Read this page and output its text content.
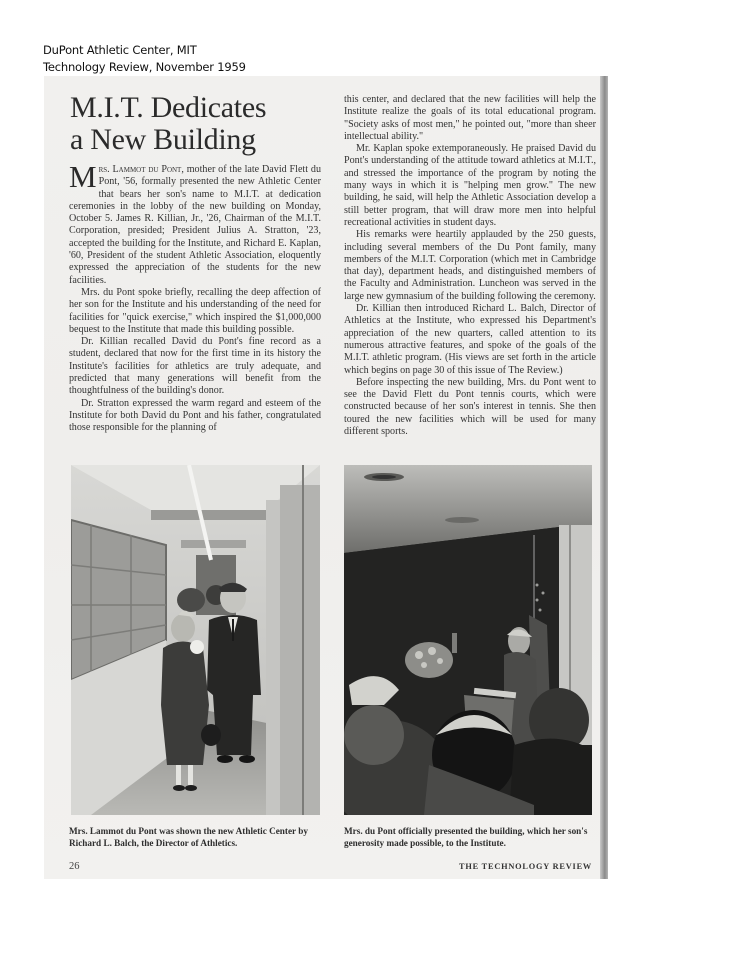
DuPont Athletic Center, MIT
Technology Review, November 1959
M.I.T. Dedicates
a New Building

Mrs. Lammot du Pont, mother of the late David Flett du Pont, '56, formally presented the new Athletic Center that bears her son's name to M.I.T. at dedication ceremonies in the lobby of the new building on Monday, October 5. James R. Killian, Jr., '26, Chairman of the M.I.T. Corporation, presided; President Julius A. Stratton, '23, accepted the building for the Institute, and Richard E. Kaplan, '60, President of the student Athletic Association, eloquently expressed the appreciation of the students for the new facilities.

Mrs. du Pont spoke briefly, recalling the deep affection of her son for the Institute and his understanding of the need for facilities for "quick exercise," which inspired the $1,000,000 bequest to the Institute that made this building possible.

Dr. Killian recalled David du Pont's fine record as a student, declared that now for the first time in its history the Institute's facilities for athletics are truly adequate, and predicted that many generations will benefit from the thoughtfulness of the building's donor.

Dr. Stratton expressed the warm regard and esteem of the Institute for both David du Pont and his father, congratulated those responsible for the planning of

this center, and declared that the new facilities will help the Institute realize the goals of its total educational program. "Society asks of most men," he pointed out, "more than sheer intellectual ability."

Mr. Kaplan spoke extemporaneously. He praised David du Pont's understanding of the attitude toward athletics at M.I.T., and stressed the importance of the program by noting the many ways in which it is "helping men grow." The new building, he said, will help the Athletic Association develop a still better program, that will draw more men into helpful recreational activities in student days.

His remarks were heartily applauded by the 250 guests, including several members of the Du Pont family, many members of the M.I.T. Corporation (which met in Cambridge that day), department heads, and distinguished members of the Faculty and Administration. Luncheon was served in the large new gymnasium of the building following the ceremony.

Dr. Killian then introduced Richard L. Balch, Director of Athletics at the Institute, who expressed his Department's appreciation of the new quarters, called attention to its numerous attractive features, and spoke of the goals of the M.I.T. athletic program. (His views are set forth in the article which begins on page 30 of this issue of The Review.)

Before inspecting the new building, Mrs. du Pont went to see the David Flett du Pont tennis courts, which were constructed because of her son's interest in tennis. She then toured the new facilities which will be used for many different sports.

Mrs. Lammot du Pont was shown the new Athletic Center by Richard L. Balch, the Director of Athletics.
Mrs. du Pont officially presented the building, which her son's generosity made possible, to the Institute.
26	THE TECHNOLOGY REVIEW
